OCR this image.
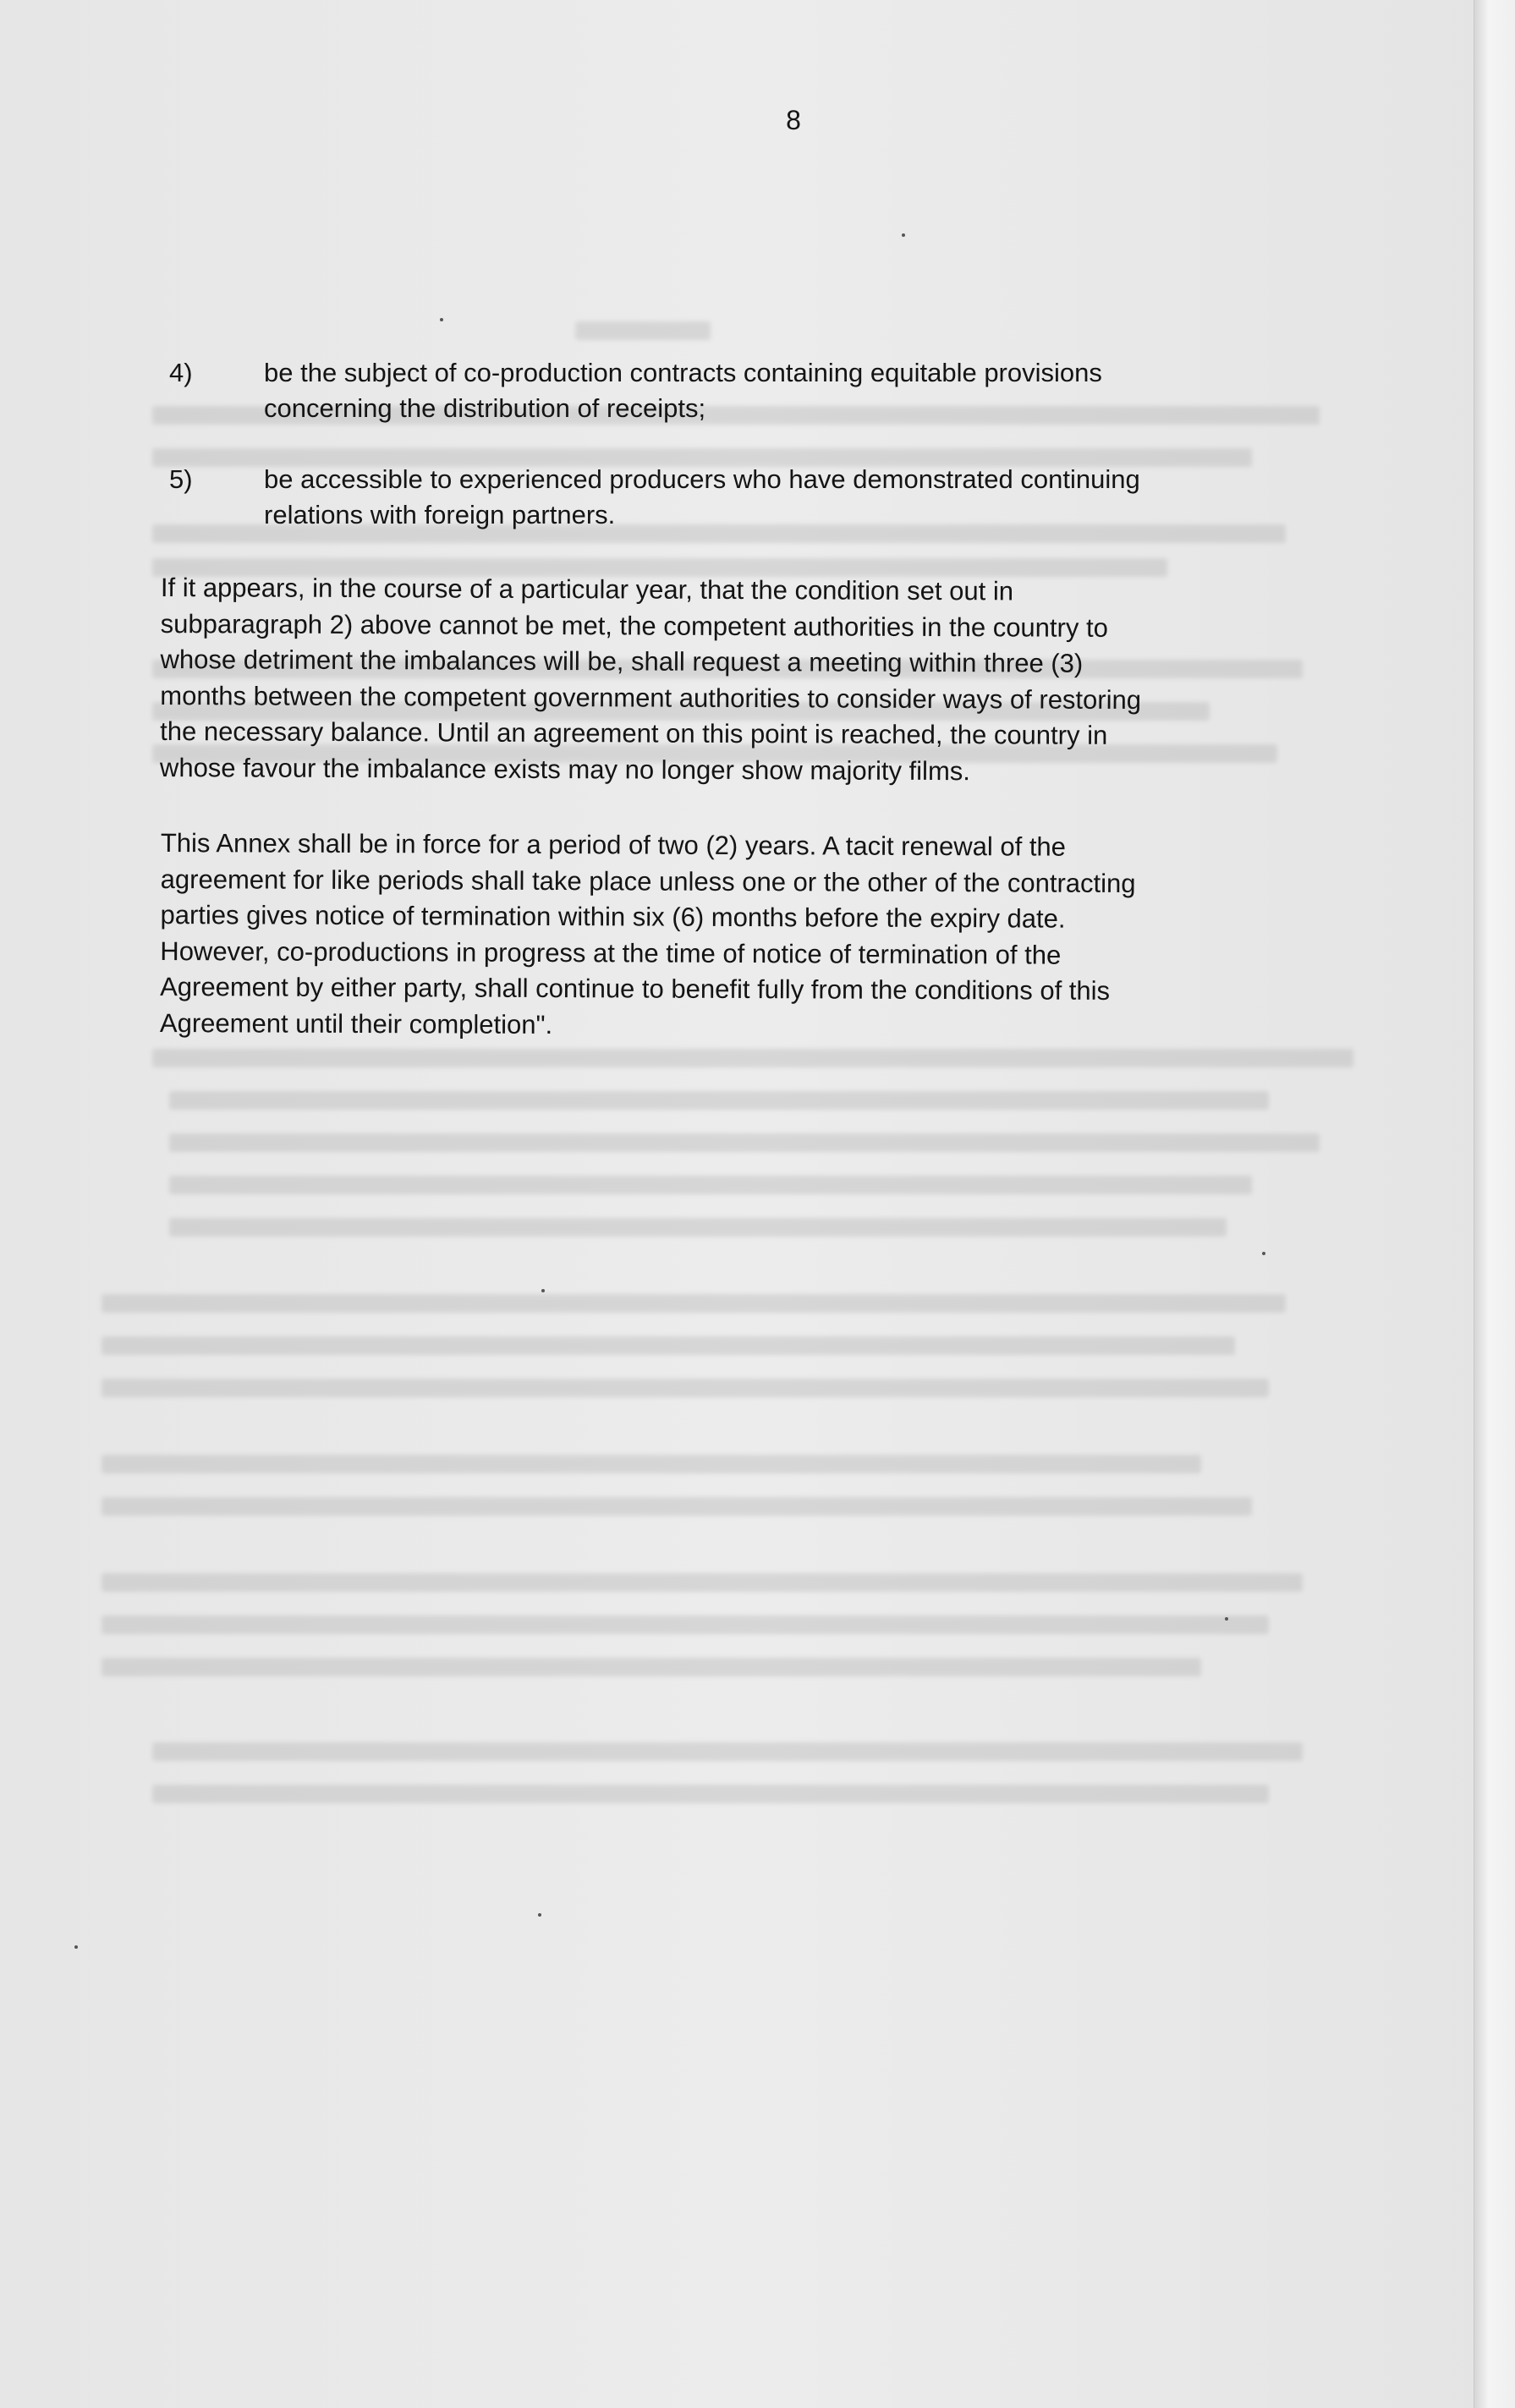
8
4)	be the subject of co-production contracts containing equitable provisions
concerning the distribution of receipts;
5)	be accessible to experienced producers who have demonstrated continuing
relations with foreign partners.
If it appears, in the course of a particular year, that the condition set out in
subparagraph 2) above cannot be met, the competent authorities in the country to
whose detriment the imbalances will be, shall request a meeting within three (3)
months between the competent government authorities to consider ways of restoring
the necessary balance. Until an agreement on this point is reached, the country in
whose favour the imbalance exists may no longer show majority films.
This Annex shall be in force for a period of two (2) years. A tacit renewal of the
agreement for like periods shall take place unless one or the other of the contracting
parties gives notice of termination within six (6) months before the expiry date.
However, co-productions in progress at the time of notice of termination of the
Agreement by either party, shall continue to benefit fully from the conditions of this
Agreement until their completion".
